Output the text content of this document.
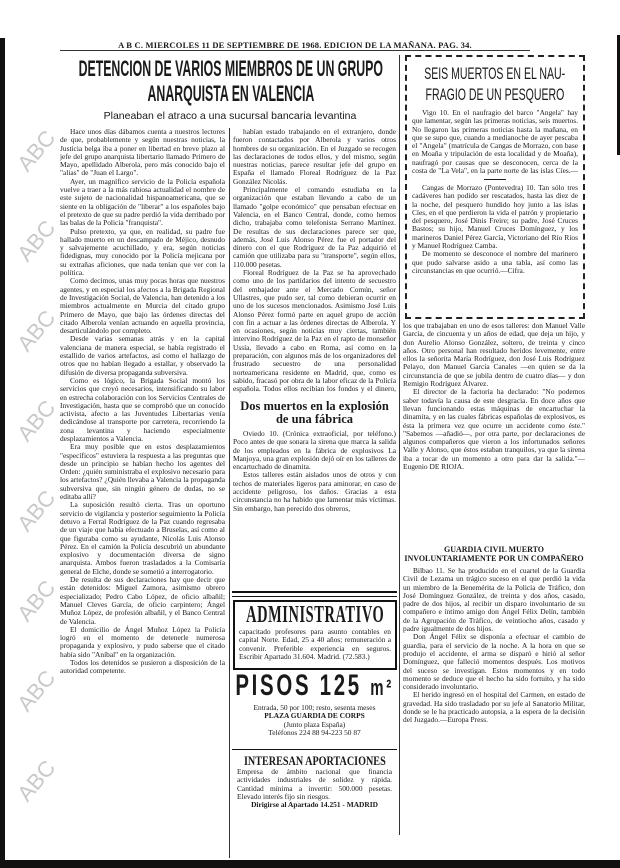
ABC
ABC
ABC
ABC
ABC
ABC
ABC
ABC
A B C. MIERCOLES 11 DE SEPTIEMBRE DE 1968. EDICION DE LA MAÑANA. PAG. 34.
DETENCION DE VARIOS MIEMBROS DE UN GRUPO
ANARQUISTA EN VALENCIA
Planeaban el atraco a una sucursal bancaria levantina

Hace unos días dábamos cuenta a nuestros lectores de que, probablemente y según nuestras noticias, la Justicia belga iba a poner en libertad en breve plazo al jefe del grupo anarquista libertario llamado Primero de Mayo, apellidado Alberola, pero más conocido bajo el "alias" de "Juan el Largo".

Ayer, un magnífico servicio de la Policía española vuelve a traer a la más rabiosa actualidad el nombre de este sujeto de nacionalidad hispanoamericana, que se siente en la obligación de "liberar" a los españoles bajo el pretexto de que su padre perdió la vida derribado por las balas de la Policía "franquista".

Pulso pretexto, ya que, en realidad, su padre fue hallado muerto en un descampado de Méjico, desnudo y salvajemente acuchillado, y era, según noticias fidedignas, muy conocido por la Policía mejicana por su extrañas aficiones, que nada tenían que ver con la política.

Como decimos, unas muy pocas horas que nuestros agentes, y en especial los afectos a la Brigada Regional de Investigación Social, de Valencia, han detenido a los miembros actualmente en Murcia del citado grupo Primero de Mayo, que bajo las órdenes directas del citado Alberola venían actuando en aquella provincia, desarticulándolo por completo.

Desde varias semanas atrás y en la capital valenciana de manera especial, se había registrado el estallido de varios artefactos, así como el hallazgo de otros que no habían llegado a estallar, y observado la difusión de diversa propaganda subversiva.

Como es lógico, la Brigada Social montó los servicios que creyó necesarios, intensificando su labor en estrecha colaboración con los Servicios Centrales de Investigación, hasta que se comprobó que un conocido activista, afecto a las Juventudes Libertarias venía dedicándose al transporte por carretera, recorriendo la zona levantina y haciendo especialmente desplazamientos a Valencia.

Era muy posible que en estos desplazamientos "específicos" estuviera la respuesta a las preguntas que desde un principio se habían hecho los agentes del Orden: ¿quién suministraba el explosivo necesario para los artefactos? ¿Quién llevaba a Valencia la propaganda subversiva que, sin ningún género de dudas, no se editaba allí?

La suposición resultó cierta. Tras un oportuno servicio de vigilancia y posterior seguimiento la Policía detuvo a Ferral Rodríguez de la Paz cuando regresaba de un viaje que había efectuado a Bruselas, así como al que figuraba como su ayudante, Nicolás Luis Alonso Pérez. En el camión la Policía descubrió un abundante explosivo y documentación diversa de signo anarquista. Ambos fueron trasladados a la Comisaría general de Elche, donde se sometió a interrogatorio.

De resulta de sus declaraciones hay que decir que están detenidos: Miguel Zamora, asimismo obrero especializado; Pedro Cabo López, de oficio albañil; Manuel Cleves García, de oficio carpintero; Ángel Muñoz López, de profesión albañil, y el Banco Central de Valencia.

El domicilio de Ángel Muñoz López la Policía logró en el momento de detenerle numerosa propaganda y explosivo, y pudo saberse que el citado había sido "Aníbal" en la organización.

Todos los detenidos se pusieron a disposición de la autoridad competente.

habían estado trabajando en el extranjero, donde fueron contactados por Alberola y varios otros hombres de su organización. En el Juzgado se recogen las declaraciones de todos ellos, y del mismo, según nuestras noticias, parece resultar jefe del grupo en España el llamado Floreal Rodríguez de la Paz González Nicolás.

Principalmente el comando estudiaba en la organización que estaban llevando a cabo de un llamado "golpe económico" que pensaban efectuar en Valencia, en el Banco Central, donde, como hemos dicho, trabajaba como telefonista Serrano Martínez. De resultas de sus declaraciones parece ser que, además, José Luis Alonso Pérez fue el portador del dinero con el que Rodríguez de la Paz adquirió el camión que utilizaba para su "transporte", según ellos, 110.000 pesetas.

Floreal Rodríguez de la Paz se ha aprovechado como uno de los partidarios del intento de secuestro del embajador ante el Mercado Común, señor Ullastres, que pudo ser, tal como debieran ocurrir en uno de los sucesos mencionados. Asimismo José Luis Alonso Pérez formó parte en aquel grupo de acción con fin a actuar a las órdenes directas de Alberola. Y en ocasiones, según noticias muy ciertas, también intervino Rodríguez de la Paz en el rapto de monseñor Ussía, llevado a cabo en Roma, así como en la preparación, con algunos más de los organizadores del frustrado secuestro de una personalidad norteamericana residente en Madrid, que, como es sabido, fracasó por obra de la labor eficaz de la Policía española. Todos ellos recibían los fondos y el dinero,

Dos muertos en la explosión de una fábrica

Oviedo 10. (Crónica extraoficial, por teléfono.) Poco antes de que sonara la sirena que marca la salida de los empleados en la fábrica de explosivos La Manjoya, una gran explosión dejó oír en los talleres de encartuchado de dinamita.

Estos talleres están aislados unos de otros y con techos de materiales ligeros para aminorar, en caso de accidente peligroso, los daños. Gracias a esta circunstancia no ha habido que lamentar más víctimas. Sin embargo, han perecido dos obreros,

ADMINISTRATIVO
capacitado profesores para asunto contables en capital Norte. Edad, 25 a 40 años; remuneración a convenir. Preferible experiencia en seguros. Escribir Apartado 31.604. Madrid. (72.583.)
PISOS 125 m²
Entrada, 50 por 100; resto, sesenta meses
PLAZA GUARDIA DE CORPS
(Junto plaza España)
Teléfonos 224 88 94-223 50 87
INTERESAN APORTACIONES
Empresa de ámbito nacional que financia actividades industriales de solidez y rápida. Cantidad mínima a invertir: 500.000 pesetas. Elevado interés fijo sin riesgos.
Dirigirse al Apartado 14.251 - MADRID
SEIS MUERTOS EN EL NAU-
FRAGIO DE UN PESQUERO

Vigo 10. En el naufragio del barco "Angela" hay que lamentar, según las primeras noticias, seis muertos. No llegaron las primeras noticias hasta la mañana, en que se supo que, cuando a medianoche de ayer pescaba el "Angela" (matrícula de Cangas de Morrazo, con base en Moaña y tripulación de esta localidad y de Moaña), naufragó por causas que se desconocen, cerca de la costa de "La Vela", en la parte norte de las islas Cíes.—

Cangas de Morrazo (Pontevedra) 10. Tan sólo tres cadáveres han podido ser rescatados, hasta las diez de la noche, del pesquero hundido hoy junto a las islas Cíes, en el que perdieron la vida el patrón y propietario del pesquero, José Dinis Freire; su padre, José Cruces Bastos; su hijo, Manuel Cruces Domínguez, y los marineros Daniel Pérez García, Victoriano del Río Ríos y Manuel Rodríguez Camba.

De momento se desconoce el nombre del marinero que pudo salvarse asido a una tabla, así como las circunstancias en que ocurrió.—Cifra.

los que trabajaban en uno de esos talleres: don Manuel Valle García, de cincuenta y un años de edad, que deja un hijo, y don Aurelio Alonso González, soltero, de treinta y cinco años. Otro personal han resultado heridos levemente, entre ellos la señorita María Rodríguez, don José Luis Rodríguez Pelayo, don Manuel García Canales —en quien se da la circunstancia de que se jubila dentro de cuatro días— y don Remigio Rodríguez Álvarez.

El director de la factoría ha declarado: "No podemos saber todavía la causa de este desgracia. En doce años que llevan funcionando estas máquinas de encartuchar la dinamita, y en las cuales fábricas españolas de explosivos, es ésta la primera vez que ocurre un accidente como éste." "Sabemos —añadió—, por otra parte, por declaraciones de algunos compañeros que vieron a los infortunados señores Valle y Alonso, que éstos estaban tranquilos, ya que la sirena iba a tocar de un momento a otro para dar la salida."—Eugenio DE RIOJA.

GUARDIA CIVIL MUERTO INVOLUNTARIAMENTE POR UN COMPAÑERO

Bilbao 11. Se ha producido en el cuartel de la Guardia Civil de Lezama un trágico suceso en el que perdió la vida un miembro de la Benemérita de la Policía de Tráfico, don José Domínguez González, de treinta y dos años, casado, padre de dos hijos, al recibir un disparo involuntario de su compañero e íntimo amigo don Ángel Félix Delín, también de la Agrupación de Tráfico, de veintiocho años, casado y padre igualmente de dos hijos.

Don Ángel Félix se disponía a efectuar el cambio de guardia, para el servicio de la noche. A la hora en que se produjo el accidente, el arma se disparó e hirió al señor Domínguez, que falleció momentos después. Los motivos del suceso se investigan. Estos momentos y en todo momento se deduce que el hecho ha sido fortuito, y ha sido considerado involuntario.

El herido ingresó en el hospital del Carmen, en estado de gravedad. Ha sido trasladado por su jefe al Sanatorio Militar, donde se le ha practicado autopsia, a la espera de la decisión del Juzgado.—Europa Press.
